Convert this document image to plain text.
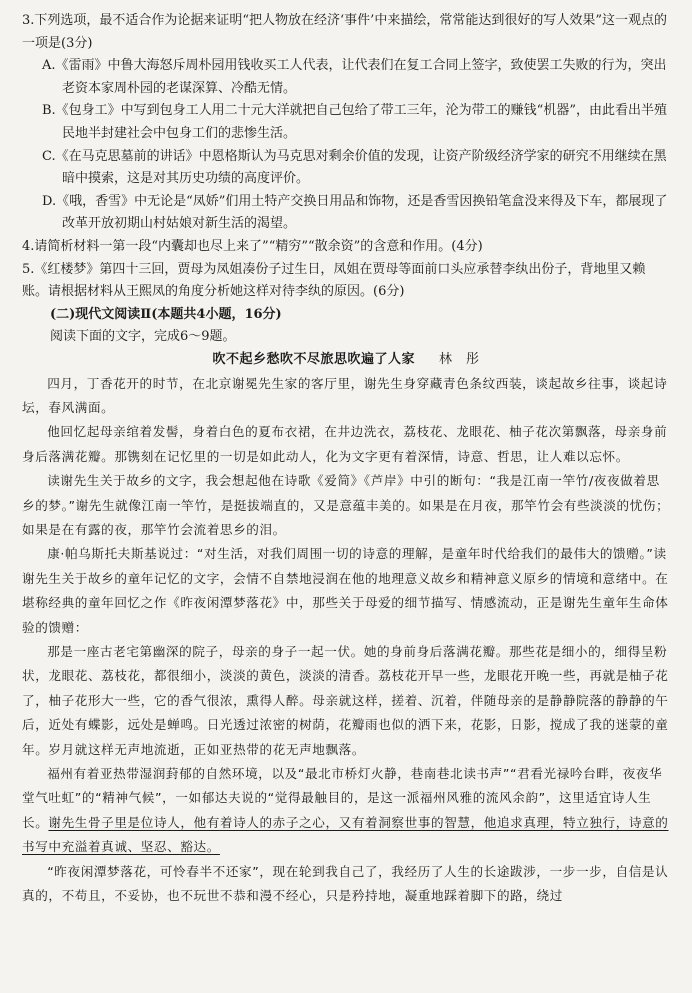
3.下列选项，最不适合作为论据来证明“把人物放在经济‘事件’中来描绘，常常能达到很好的写人效果”这一观点的一项是(3分)

A.《雷雨》中鲁大海怒斥周朴园用钱收买工人代表，让代表们在复工合同上签字，致使罢工失败的行为，突出老资本家周朴园的老谋深算、冷酷无情。

B.《包身工》中写到包身工人用二十元大洋就把自己包给了带工三年，沦为带工的赚钱“机器”，由此看出半殖民地半封建社会中包身工们的悲惨生活。

C.《在马克思墓前的讲话》中恩格斯认为马克思对剩余价值的发现，让资产阶级经济学家的研究不用继续在黑暗中摸索，这是对其历史功绩的高度评价。

D.《哦，香雪》中无论是“凤娇”们用土特产交换日用品和饰物，还是香雪因换铅笔盒没来得及下车，都展现了改革开放初期山村姑娘对新生活的渴望。

4.请简析材料一第一段“内囊却也尽上来了”“精穷”“散余资”的含意和作用。(4分)

5.《红楼梦》第四十三回，贾母为凤姐凑份子过生日，凤姐在贾母等面前口头应承替李纨出份子，背地里又赖账。请根据材料从王熙凤的角度分析她这样对待李纨的原因。(6分)

(二)现代文阅读Ⅱ(本题共4小题，16分)

阅读下面的文字，完成6～9题。

吹不起乡愁吹不尽旅思吹遍了人家 林　彤

四月，丁香花开的时节，在北京谢冕先生家的客厅里，谢先生身穿藏青色条纹西装，谈起故乡往事，谈起诗坛，春风满面。

他回忆起母亲绾着发髻，身着白色的夏布衣裙，在井边洗衣，荔枝花、龙眼花、柚子花次第飘落，母亲身前身后落满花瓣。那镌刻在记忆里的一切是如此动人，化为文字更有着深情，诗意、哲思，让人难以忘怀。

读谢先生关于故乡的文字，我会想起他在诗歌《爱简》《芦岸》中引的断句：“我是江南一竿竹/夜夜做着思乡的梦。”谢先生就像江南一竿竹，是挺拔端直的，又是意蕴丰美的。如果是在月夜，那竿竹会有些淡淡的忧伤；如果是在有露的夜，那竿竹会流着思乡的泪。

康·帕乌斯托夫斯基说过：“对生活，对我们周围一切的诗意的理解，是童年时代给我们的最伟大的馈赠。”读谢先生关于故乡的童年记忆的文字，会情不自禁地浸润在他的地理意义故乡和精神意义原乡的情境和意绪中。在堪称经典的童年回忆之作《昨夜闲潭梦落花》中，那些关于母爱的细节描写、情感流动，正是谢先生童年生命体验的馈赠：

那是一座古老宅第幽深的院子，母亲的身子一起一伏。她的身前身后落满花瓣。那些花是细小的，细得呈粉状，龙眼花、荔枝花，都很细小，淡淡的黄色，淡淡的清香。荔枝花开早一些，龙眼花开晚一些，再就是柚子花了，柚子花形大一些，它的香气很浓，熏得人醉。母亲就这样，搓着、沉着，伴随母亲的是静静院落的静静的午后，近处有蝶影，远处是蝉鸣。日光透过浓密的树荫，花瓣雨也似的洒下来，花影，日影，搅成了我的迷蒙的童年。岁月就这样无声地流逝，正如亚热带的花无声地飘落。

福州有着亚热带湿润葑郁的自然环境，以及“最北市桥灯火静，巷南巷北读书声”“君看光禄吟台畔，夜夜华堂气吐虹”的“精神气候”，一如郁达夫说的“觉得最触目的，是这一派福州风雅的流风余韵”，这里适宜诗人生长。谢先生骨子里是位诗人，他有着诗人的赤子之心，又有着洞察世事的智慧，他追求真理，特立独行，诗意的书写中充溢着真诚、坚忍、豁达。

“昨夜闲潭梦落花，可怜春半不还家”，现在轮到我自己了，我经历了人生的长途跋涉，一步一步，自信是认真的，不苟且，不妥协，也不玩世不恭和漫不经心，只是矜持地，凝重地踩着脚下的路，绕过
